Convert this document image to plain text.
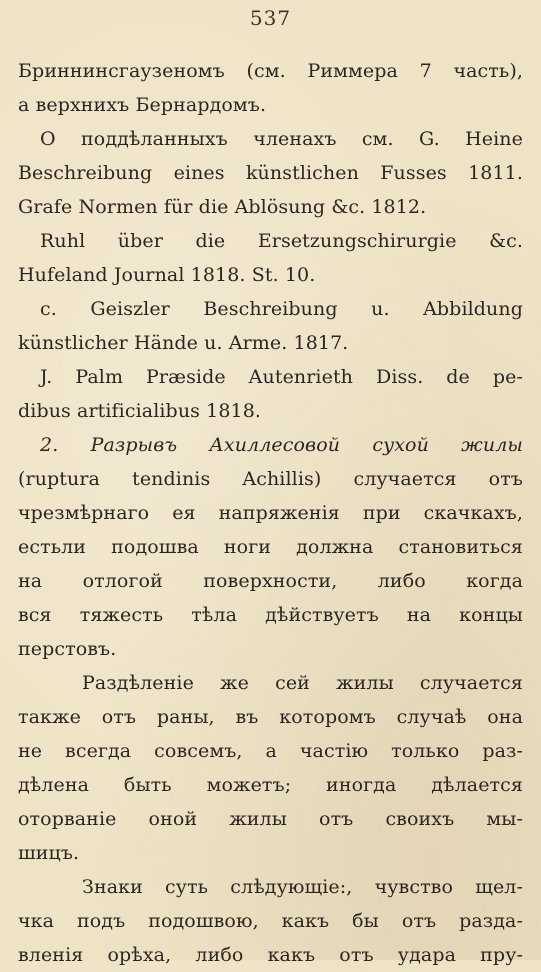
537
Бриннинсгаузеномъ (см. Риммера 7 часть),
а верхнихъ Бернардомъ.
О поддѣланныхъ членахъ см. G. Heine
Beschreibung eines künstlichen Fusses 1811.
Grafe Normen für die Ablösung &c. 1812.
Ruhl über die Ersetzungschirurgie &c.
Hufeland Journal 1818. St. 10.
c. Geiszler Beschreibung u. Abbildung
künstlicher Hände u. Arme. 1817.
J. Palm Præside Autenrieth Diss. de pe-
dibus artificialibus 1818.
2. Разрывъ Ахиллесовой сухой жилы
(ruptura tendinis Achillis) случается отъ
чрезмѣрнаго ея напряженія при скачкахъ,
естьли подошва ноги должна становиться
на отлогой поверхности, либо когда
вся тяжесть тѣла дѣйствуетъ на концы
перстовъ.
Раздѣленіе же сей жилы случается
также отъ раны, въ которомъ случаѣ она
не всегда совсемъ, а частію только раз-
дѣлена быть можетъ; иногда дѣлается
оторваніе оной жилы отъ своихъ мы-
шицъ.
Знаки суть слѣдующіе:, чувство щел-
чка подъ подошвою, какъ бы отъ разда-
вленія орѣха, либо какъ отъ удара пру-
